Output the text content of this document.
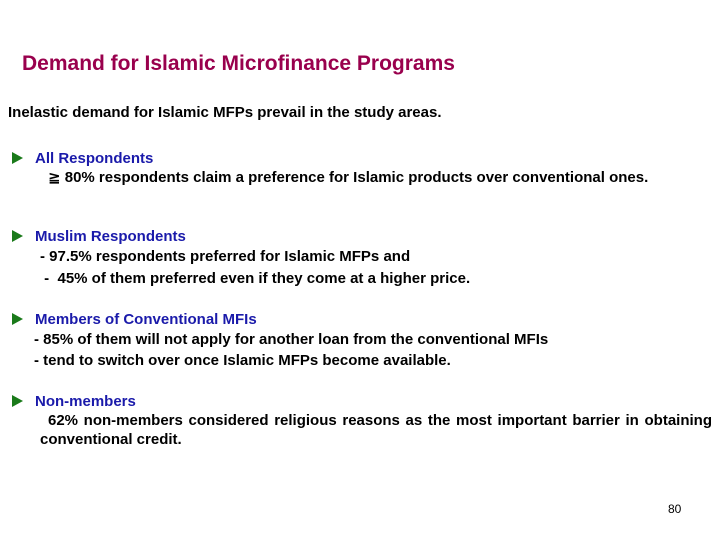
Demand for Islamic Microfinance Programs
Inelastic demand for Islamic MFPs prevail in the study areas.
All Respondents
≧ 80% respondents claim a preference for Islamic products over conventional ones.
Muslim Respondents
- 97.5% respondents preferred for Islamic MFPs and
-  45% of them preferred even if they come at a higher price.
Members of Conventional MFIs
- 85% of them will not apply for another loan from the conventional MFIs
- tend to switch over once Islamic MFPs become available.
Non-members
62% non-members considered religious reasons as the most important barrier in obtaining conventional credit.
80
